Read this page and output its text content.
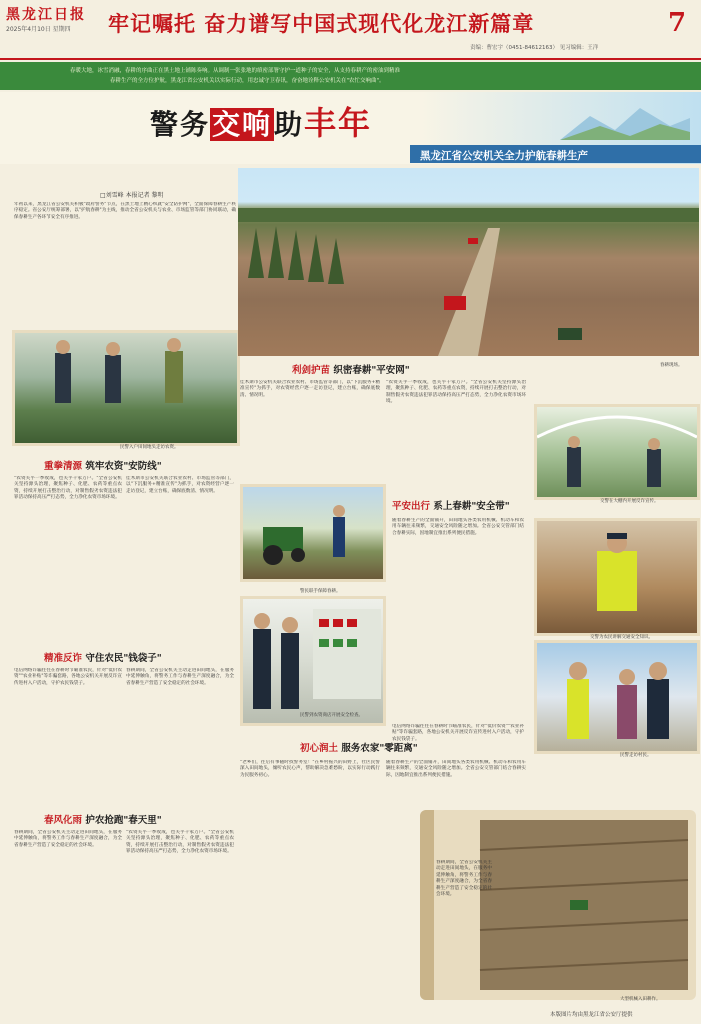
黑龙江日报
2025年4月10日 星期四 牢记嘱托 奋力谱写中国式现代化龙江新篇章	7
责编：曹宏宇（0451-84612163） 见习编辑：王洋
春暖大地，冰雪消融，春耕的序曲正在黑土地上铺陈奏响。从调制一张张地的缜密部署守护一道种子的安全，从支持春耕产的密油到精准
春耕生产的全方位护航，黑龙江省公安机关以实际行动，用忠诚守卫春讯，奋奋地诠释公安机关在"农忙交响曲"。
警务交响助丰年
黑龙江省公安机关全力护航春耕生产
□刘雪峰 本报记者 黎明
年初以来，黑龙江省公安机关积极"政府警务"节点，在黑土地上精心织就"安全防护网"，全面保障春耕生产秩序稳定。省公安厅统筹部署，以"护航春耕"为主线，推动全省公安机关与农业、市场监管等部门协同联动，确保春耕生产各环节安全有序推进。
民警入户田间地头走访农资。
重拳清源 筑牢农资"安防线"
"农资关乎一季收成，也关乎千家万户。"全省公安机关坚持源头治理，聚焦种子、化肥、农药等重点农资，持续开展打击整治行动，对制售假劣农资违法犯罪活动保持高压严打态势，全力净化农资市场环境。
佳木斯市公安机关联合农业农村、市场监管等部门，以"下沉服务+精准宣传"为抓手，对农资经营户逐一走访登记，建立台账，确保底数清、情况明。
精准反诈 守住农民"钱袋子"
电信网络诈骗往往在春耕时节瞄准农民，针对"低价农资""农业补贴"等诈骗套路，各地公安机关开展反诈宣传进村入户活动，守护农民钱袋子。
春耕期间，全省公安机关主动走进田间地头，在服务中延伸触角，将警务工作与春耕生产深度融合，为全省春耕生产营造了安全稳定的社会环境。
春风化雨 护农抢跑"春天里"
春耕期间，全省公安机关主动走进田间地头，在服务中延伸触角，将警务工作与春耕生产深度融合，为全省春耕生产营造了安全稳定的社会环境。
"农资关乎一季收成，也关乎千家万户。"全省公安机关坚持源头治理，聚焦种子、化肥、农药等重点农资，持续开展打击整治行动，对制售假劣农资违法犯罪活动保持高压严打态势，全力净化农资市场环境。
春耕现场。
利剑护苗 织密春耕"平安网"
佳木斯市公安机关联合农业农村、市场监管等部门，以"下沉服务+精准宣传"为抓手，对农资经营户逐一走访登记，建立台账，确保底数清、情况明。
"农资关乎一季收成，也关乎千家万户。"全省公安机关坚持源头治理，聚焦种子、化肥、农药等重点农资，持续开展打击整治行动，对制售假劣农资违法犯罪活动保持高压严打态势，全力净化农资市场环境。
交警在大棚内开展反诈宣传。
警民联手保障春耕。
民警到农资商店开展安全检查。
平安出行 系上春耕"安全带"
随着春耕生产的全面铺开，田间地头各类农用机械、机动车和农用车辆往来频繁，交通安全风险随之增加。全省公安交管部门结合春耕实际，因地制宜推出系列便民措施。
交警为农民讲解交通安全知识。
民警走访村民。
电信网络诈骗往往在春耕时节瞄准农民，针对"低价农资""农业补贴"等诈骗套路，各地公安机关开展反诈宣传进村入户活动，守护农民钱袋子。
初心润土 服务农家"零距离"
"老乡们，往后有事随时找警务室！"在乡村振兴的田野上，社区民警深入田间地头，倾听农民心声，帮助解决急难愁盼，以实际行动践行为民服务初心。
随着春耕生产的全面铺开，田间地头各类农用机械、机动车和农用车辆往来频繁，交通安全风险随之增加。全省公安交管部门结合春耕实际，因地制宜推出系列便民措施。
春耕期间，全省公安机关主动走进田间地头，在服务中延伸触角，将警务工作与春耕生产深度融合，为全省春耕生产营造了安全稳定的社会环境。
大型机械入田耕作。
本版图片均由黑龙江省公安厅提供
